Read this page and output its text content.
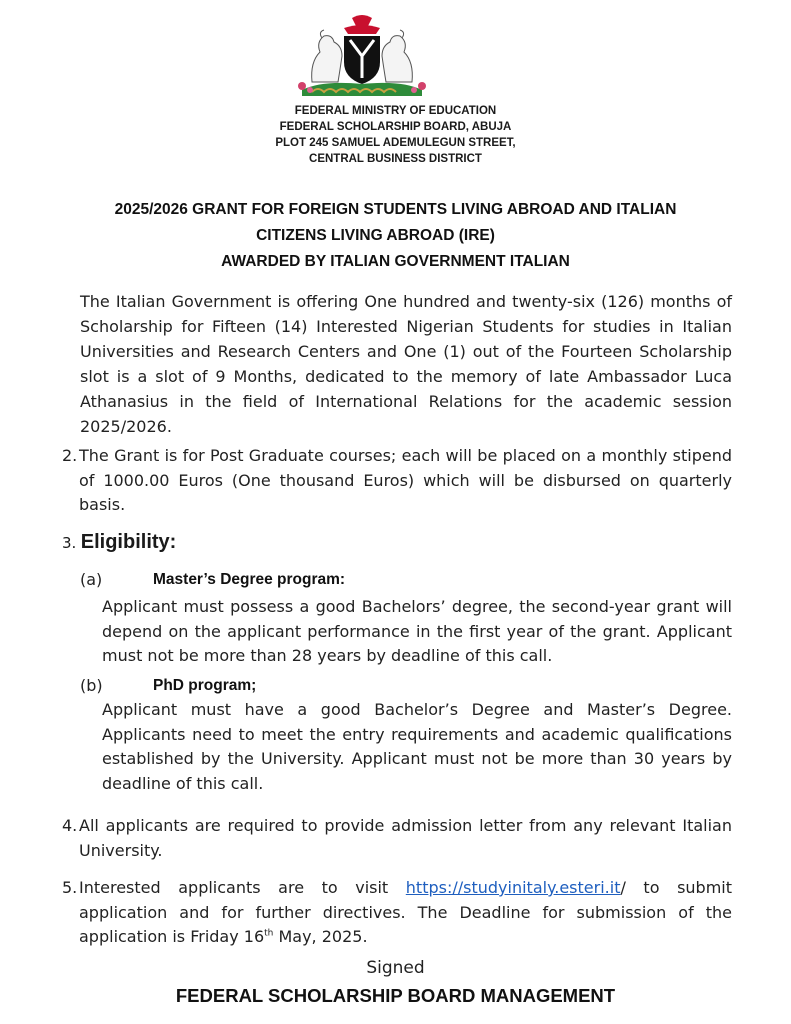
FEDERAL MINISTRY OF EDUCATION
FEDERAL SCHOLARSHIP BOARD, ABUJA
PLOT 245 SAMUEL ADEMULEGUN STREET,
CENTRAL BUSINESS DISTRICT
2025/2026 GRANT FOR FOREIGN STUDENTS LIVING ABROAD AND ITALIAN
CITIZENS LIVING ABROAD (IRE)
AWARDED BY ITALIAN GOVERNMENT ITALIAN
The Italian Government is offering One hundred and twenty-six (126) months of Scholarship for Fifteen (14) Interested Nigerian Students for studies in Italian Universities and Research Centers and One (1) out of the Fourteen Scholarship slot is a slot of 9 Months, dedicated to the memory of late Ambassador Luca Athanasius in the field of International Relations for the academic session 2025/2026.
2. The Grant is for Post Graduate courses; each will be placed on a monthly stipend of 1000.00 Euros (One thousand Euros) which will be disbursed on quarterly basis.
3. Eligibility:
(a)	Master’s Degree program:
Applicant must possess a good Bachelors’ degree, the second-year grant will depend on the applicant performance in the first year of the grant. Applicant must not be more than 28 years by deadline of this call.
(b)	PhD program;
Applicant must have a good Bachelor’s Degree and Master’s Degree. Applicants need to meet the entry requirements and academic qualifications established by the University. Applicant must not be more than 30 years by deadline of this call.
4. All applicants are required to provide admission letter from any relevant Italian University.
5. Interested applicants are to visit https://studyinitaly.esteri.it/ to submit application and for further directives. The Deadline for submission of the application is Friday 16th May, 2025.
Signed
FEDERAL SCHOLARSHIP BOARD MANAGEMENT
